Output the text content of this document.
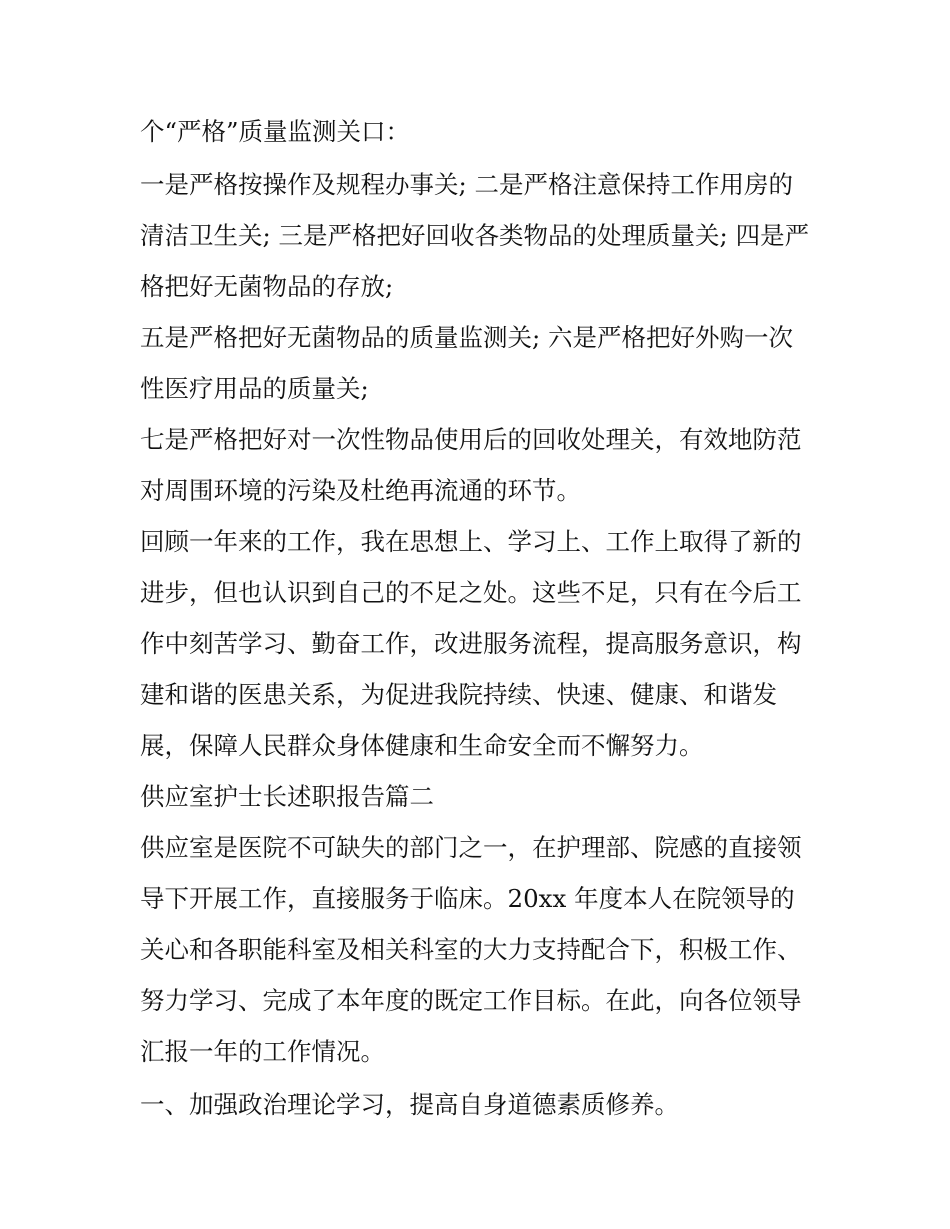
个“严格”质量监测关口：

一是严格按操作及规程办事关; 二是严格注意保持工作用房的
清洁卫生关; 三是严格把好回收各类物品的处理质量关; 四是严
格把好无菌物品的存放;

五是严格把好无菌物品的质量监测关; 六是严格把好外购一次
性医疗用品的质量关;

七是严格把好对一次性物品使用后的回收处理关，有效地防范
对周围环境的污染及杜绝再流通的环节。

回顾一年来的工作，我在思想上、学习上、工作上取得了新的
进步，但也认识到自己的不足之处。这些不足，只有在今后工
作中刻苦学习、勤奋工作，改进服务流程，提高服务意识，构
建和谐的医患关系，为促进我院持续、快速、健康、和谐发
展，保障人民群众身体健康和生命安全而不懈努力。

供应室护士长述职报告篇二

供应室是医院不可缺失的部门之一，在护理部、院感的直接领
导下开展工作，直接服务于临床。20xx 年度本人在院领导的
关心和各职能科室及相关科室的大力支持配合下，积极工作、
努力学习、完成了本年度的既定工作目标。在此，向各位领导
汇报一年的工作情况。

一、加强政治理论学习，提高自身道德素质修养。
